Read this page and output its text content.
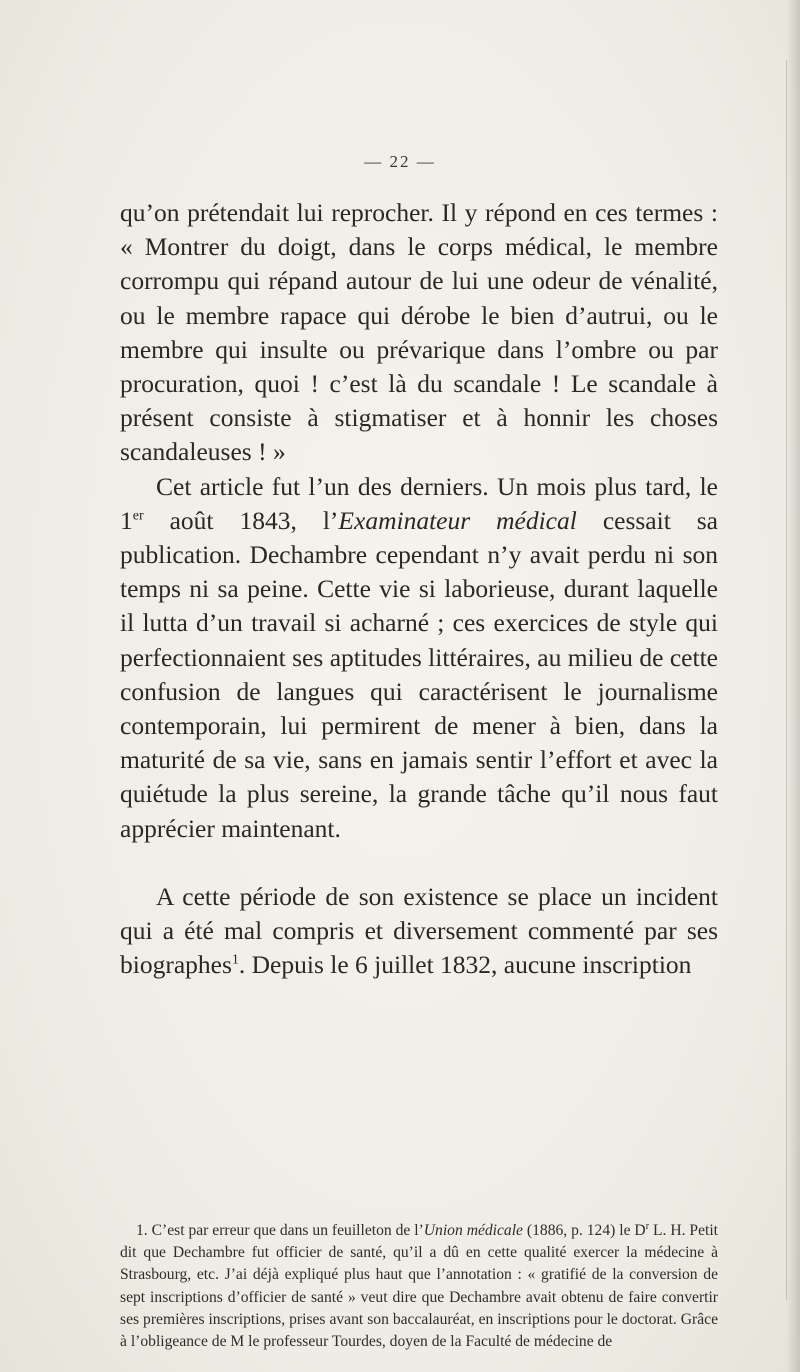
— 22 —

qu’on prétendait lui reprocher. Il y répond en ces termes : « Montrer du doigt, dans le corps médical, le membre corrompu qui répand autour de lui une odeur de vénalité, ou le membre rapace qui dérobe le bien d’autrui, ou le membre qui insulte ou prévarique dans l’ombre ou par procuration, quoi ! c’est là du scandale ! Le scandale à présent consiste à stigmatiser et à honnir les choses scandaleuses ! »

Cet article fut l’un des derniers. Un mois plus tard, le 1er août 1843, l’Examinateur médical cessait sa publication. Dechambre cependant n’y avait perdu ni son temps ni sa peine. Cette vie si laborieuse, durant laquelle il lutta d’un travail si acharné ; ces exercices de style qui perfectionnaient ses aptitudes littéraires, au milieu de cette confusion de langues qui caractérisent le journalisme contemporain, lui permirent de mener à bien, dans la maturité de sa vie, sans en jamais sentir l’effort et avec la quiétude la plus sereine, la grande tâche qu’il nous faut apprécier maintenant.

A cette période de son existence se place un incident qui a été mal compris et diversement commenté par ses biographes$^1$. Depuis le 6 juillet 1832, aucune inscription

1. C’est par erreur que dans un feuilleton de l’Union médicale (1886, p. 124) le $D^r$ L. H. Petit dit que Dechambre fut officier de santé, qu’il a dû en cette qualité exercer la médecine à Strasbourg, etc. J’ai déjà expliqué plus haut que l’annotation : « gratifié de la conversion de sept inscriptions d’officier de santé » veut dire que Dechambre avait obtenu de faire convertir ses premières inscriptions, prises avant son baccalauréat, en inscriptions pour le doctorat. Grâce à l’obligeance de M le professeur Tourdes, doyen de la Faculté de médecine de
